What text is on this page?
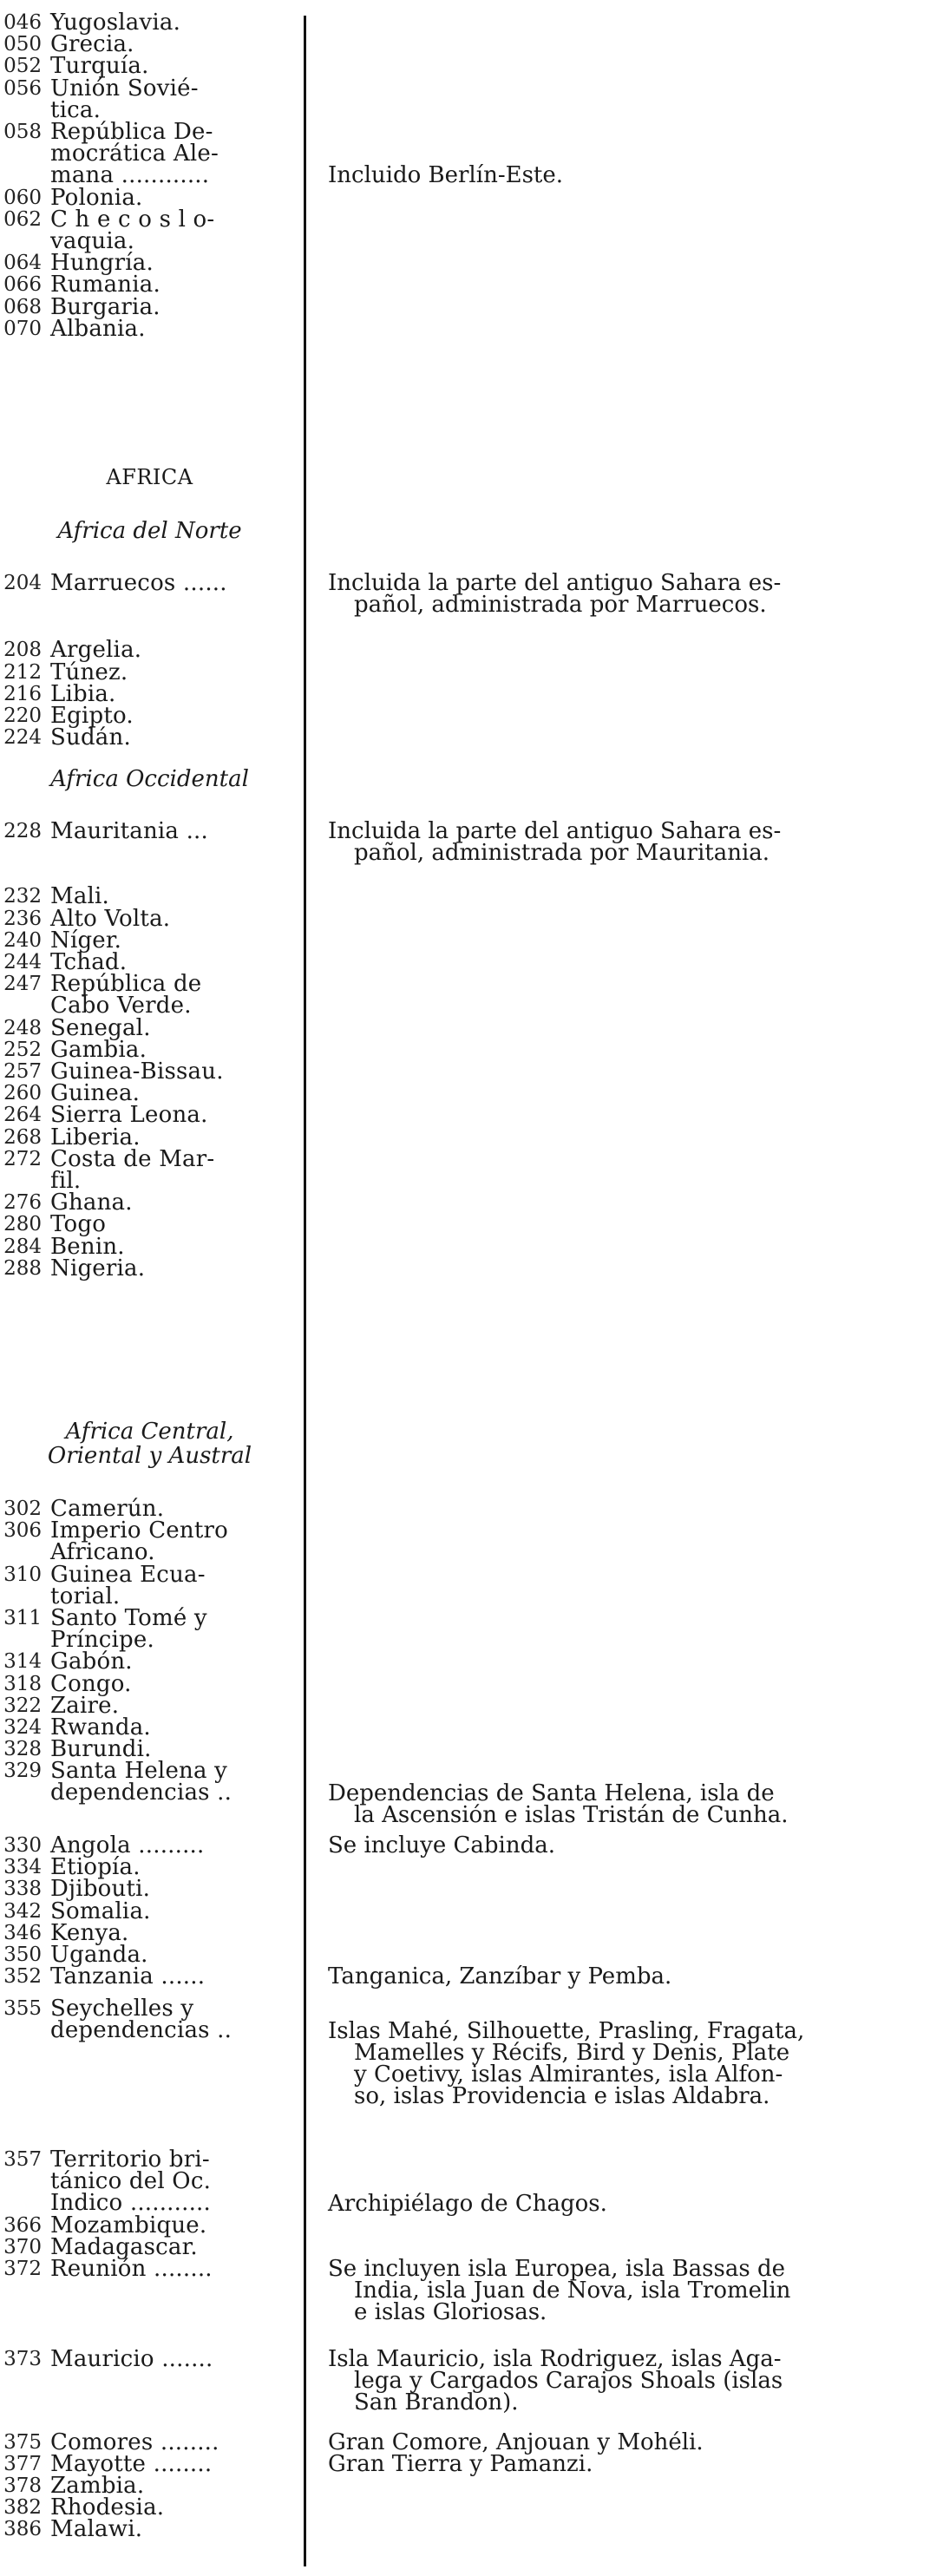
046 Yugoslavia.
050 Grecia.
052 Turquía.
056 Unión Sovié-
tica.
058 República De-
mocrática Ale-
mana ............	Incluido Berlín-Este.
060 Polonia.
062 C h e c o s l o-
vaquia.
064 Hungría.
066 Rumania.
068 Burgaria.
070 Albania.
AFRICA
Africa del Norte
204 Marruecos ......	Incluida la parte del antiguo Sahara es-
pañol, administrada por Marruecos.
208 Argelia.
212 Túnez.
216 Libia.
220 Egipto.
224 Sudán.
Africa Occidental
228 Mauritania ...	Incluida la parte del antiguo Sahara es-
pañol, administrada por Mauritania.
232 Mali.
236 Alto Volta.
240 Níger.
244 Tchad.
247 República de
Cabo Verde.
248 Senegal.
252 Gambia.
257 Guinea-Bissau.
260 Guinea.
264 Sierra Leona.
268 Liberia.
272 Costa de Mar-
fil.
276 Ghana.
280 Togo
284 Benin.
288 Nigeria.
Africa Central,
Oriental y Austral
302 Camerún.
306 Imperio Centro
Africano.
310 Guinea Ecua-
torial.
311 Santo Tomé y
Príncipe.
314 Gabón.
318 Congo.
322 Zaire.
324 Rwanda.
328 Burundi.
329 Santa Helena y
dependencias ..	Dependencias de Santa Helena, isla de
la Ascensión e islas Tristán de Cunha.
330 Angola .........	Se incluye Cabinda.
334 Etiopía.
338 Djibouti.
342 Somalia.
346 Kenya.
350 Uganda.
352 Tanzania ......	Tanganica, Zanzíbar y Pemba.
355 Seychelles y
dependencias ..	Islas Mahé, Silhouette, Prasling, Fragata,
Mamelles y Récifs, Bird y Denis, Plate
y Coetivy, islas Almirantes, isla Alfon-
so, islas Providencia e islas Aldabra.
357 Territorio bri-
tánico del Oc.
Indico ...........	Archipiélago de Chagos.
366 Mozambique.
370 Madagascar.
372 Reunión ........	Se incluyen isla Europea, isla Bassas de
India, isla Juan de Nova, isla Tromelin
e islas Gloriosas.
373 Mauricio .......	Isla Mauricio, isla Rodriguez, islas Aga-
lega y Cargados Carajos Shoals (islas
San Brandon).
375 Comores ........	Gran Comore, Anjouan y Mohéli.
377 Mayotte ........	Gran Tierra y Pamanzi.
378 Zambia.
382 Rhodesia.
386 Malawi.
